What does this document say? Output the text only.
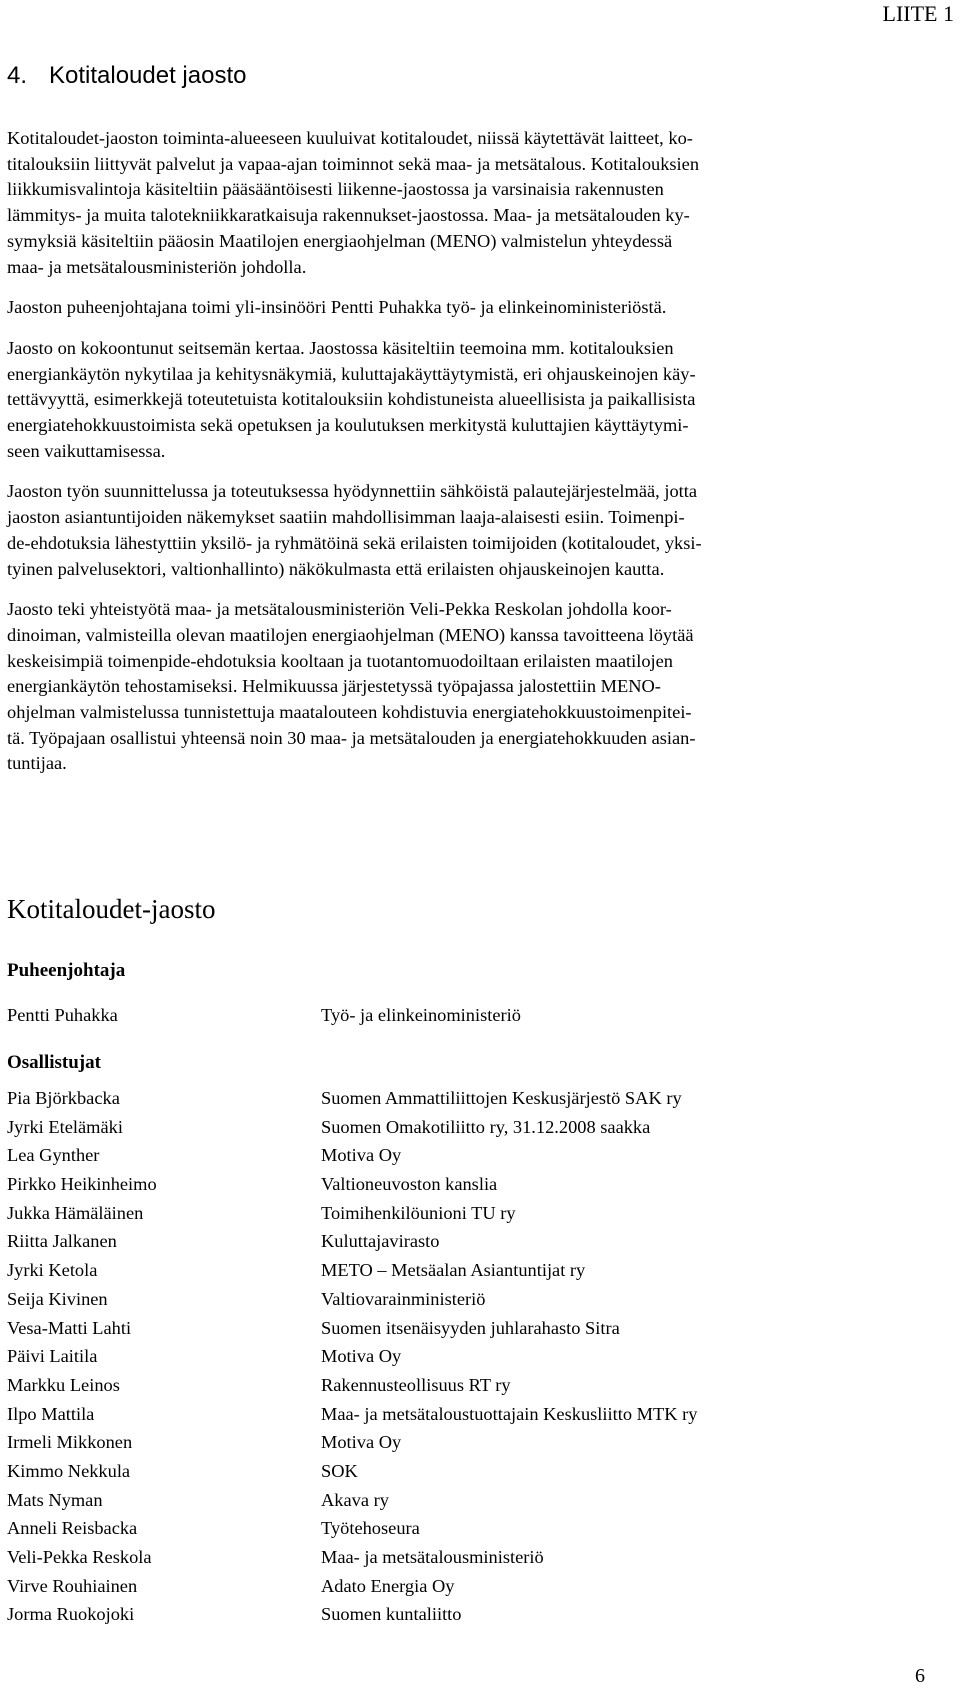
LIITE 1
4. Kotitaloudet jaosto

Kotitaloudet-jaoston toiminta-alueeseen kuuluivat kotitaloudet, niissä käytettävät laitteet, ko-
titalouksiin liittyvät palvelut ja vapaa-ajan toiminnot sekä maa- ja metsätalous. Kotitalouksien
liikkumisvalintoja käsiteltiin pääsääntöisesti liikenne-jaostossa ja varsinaisia rakennusten
lämmitys- ja muita talotekniikkaratkaisuja rakennukset-jaostossa. Maa- ja metsätalouden ky-
symyksiä käsiteltiin pääosin Maatilojen energiaohjelman (MENO) valmistelun yhteydessä
maa- ja metsätalousministeriön johdolla.

Jaoston puheenjohtajana toimi yli-insinööri Pentti Puhakka työ- ja elinkeinoministeriöstä.

Jaosto on kokoontunut seitsemän kertaa. Jaostossa käsiteltiin teemoina mm. kotitalouksien
energiankäytön nykytilaa ja kehitysnäkymiä, kuluttajakäyttäytymistä, eri ohjauskeinojen käy-
tettävyyttä, esimerkkejä toteutetuista kotitalouksiin kohdistuneista alueellisista ja paikallisista
energiatehokkuustoimista sekä opetuksen ja koulutuksen merkitystä kuluttajien käyttäytymi-
seen vaikuttamisessa.

Jaoston työn suunnittelussa ja toteutuksessa hyödynnettiin sähköistä palautejärjestelmää, jotta
jaoston asiantuntijoiden näkemykset saatiin mahdollisimman laaja-alaisesti esiin. Toimenpi-
de-ehdotuksia lähestyttiin yksilö- ja ryhmätöinä sekä erilaisten toimijoiden (kotitaloudet, yksi-
tyinen palvelusektori, valtionhallinto) näkökulmasta että erilaisten ohjauskeinojen kautta.

Jaosto teki yhteistyötä maa- ja metsätalousministeriön Veli-Pekka Reskolan johdolla koor-
dinoiman, valmisteilla olevan maatilojen energiaohjelman (MENO) kanssa tavoitteena löytää
keskeisimpiä toimenpide-ehdotuksia kooltaan ja tuotantomuodoiltaan erilaisten maatilojen
energiankäytön tehostamiseksi. Helmikuussa järjestetyssä työpajassa jalostettiin MENO-
ohjelman valmistelussa tunnistettuja maatalouteen kohdistuvia energiatehokkuustoimenpitei-
tä. Työpajaan osallistui yhteensä noin 30 maa- ja metsätalouden ja energiatehokkuuden asian-
tuntijaa.

Kotitaloudet-jaosto

Puheenjohtaja

Pentti Puhakka	Työ- ja elinkeinoministeriö

Osallistujat

Pia Björkbacka	Suomen Ammattiliittojen Keskusjärjestö SAK ry
Jyrki Etelämäki	Suomen Omakotiliitto ry, 31.12.2008 saakka
Lea Gynther	Motiva Oy
Pirkko Heikinheimo	Valtioneuvoston kanslia
Jukka Hämäläinen	Toimihenkilöunioni TU ry
Riitta Jalkanen	Kuluttajavirasto
Jyrki Ketola	METO – Metsäalan Asiantuntijat ry
Seija Kivinen	Valtiovarainministeriö
Vesa-Matti Lahti	Suomen itsenäisyyden juhlarahasto Sitra
Päivi Laitila	Motiva Oy
Markku Leinos	Rakennusteollisuus RT ry
Ilpo Mattila	Maa- ja metsätaloustuottajain Keskusliitto MTK ry
Irmeli Mikkonen	Motiva Oy
Kimmo Nekkula	SOK
Mats Nyman	Akava ry
Anneli Reisbacka	Työtehoseura
Veli-Pekka Reskola	Maa- ja metsätalousministeriö
Virve Rouhiainen	Adato Energia Oy
Jorma Ruokojoki	Suomen kuntaliitto
6
